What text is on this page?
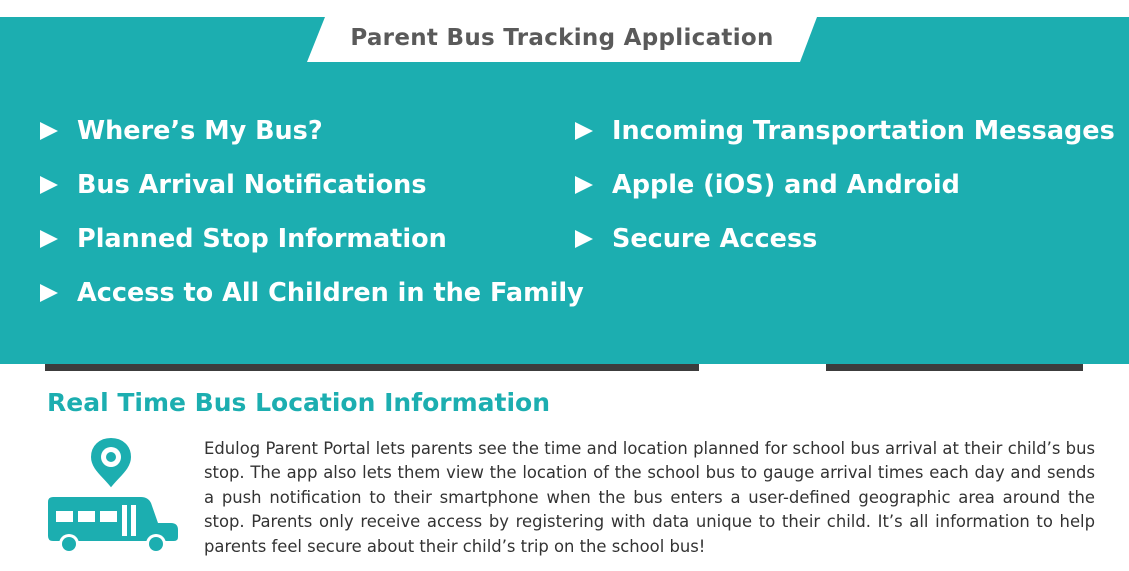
Parent Bus Tracking Application
Where’s My Bus?
Bus Arrival Notifications
Planned Stop Information
Access to All Children in the Family
Incoming Transportation Messages
Apple (iOS) and Android
Secure Access
Real Time Bus Location Information
Edulog Parent Portal lets parents see the time and location planned for school bus arrival at their child’s bus stop. The app also lets them view the location of the school bus to gauge arrival times each day and sends a push notification to their smartphone when the bus enters a user-defined geographic area around the stop. Parents only receive access by registering with data unique to their child. It’s all information to help parents feel secure about their child’s trip on the school bus!
